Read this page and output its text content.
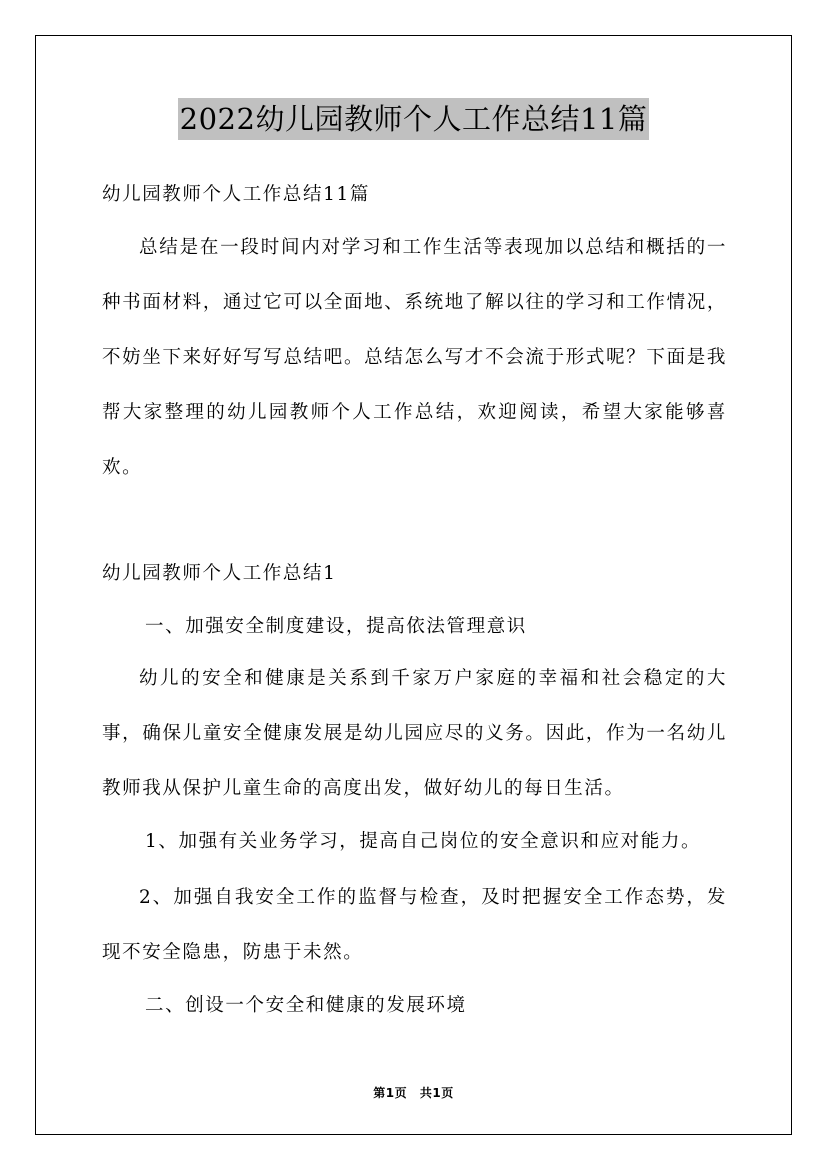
2022幼儿园教师个人工作总结11篇
幼儿园教师个人工作总结11篇
总结是在一段时间内对学习和工作生活等表现加以总结和概括的一种书面材料，通过它可以全面地、系统地了解以往的学习和工作情况，不妨坐下来好好写写总结吧。总结怎么写才不会流于形式呢？下面是我帮大家整理的幼儿园教师个人工作总结，欢迎阅读，希望大家能够喜欢。
幼儿园教师个人工作总结1
一、加强安全制度建设，提高依法管理意识
幼儿的安全和健康是关系到千家万户家庭的幸福和社会稳定的大事，确保儿童安全健康发展是幼儿园应尽的义务。因此，作为一名幼儿教师我从保护儿童生命的高度出发，做好幼儿的每日生活。
1、加强有关业务学习，提高自己岗位的安全意识和应对能力。
2、加强自我安全工作的监督与检查，及时把握安全工作态势，发现不安全隐患，防患于未然。
二、创设一个安全和健康的发展环境
第1页 共1页
